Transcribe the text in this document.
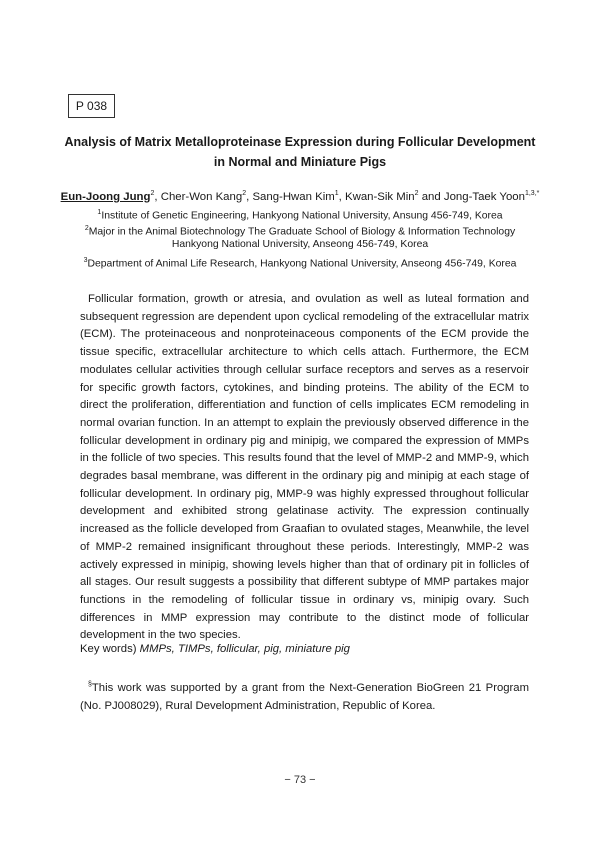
P 038
Analysis of Matrix Metalloproteinase Expression during Follicular Development
in Normal and Miniature Pigs
Eun-Joong Jung$^2$, Cher-Won Kang$^2$, Sang-Hwan Kim$^1$, Kwan-Sik Min$^2$ and Jong-Taek Yoon$^{1,3,*}$
$^1$Institute of Genetic Engineering, Hankyong National University, Ansung 456-749, Korea
$^2$Major in the Animal Biotechnology The Graduate School of Biology & Information Technology
Hankyong National University, Anseong 456-749, Korea
$^3$Department of Animal Life Research, Hankyong National University, Anseong 456-749, Korea

Follicular formation, growth or atresia, and ovulation as well as luteal formation and subsequent regression are dependent upon cyclical remodeling of the extracellular matrix (ECM). The proteinaceous and nonproteinaceous components of the ECM provide the tissue specific, extracellular architecture to which cells attach. Furthermore, the ECM modulates cellular activities through cellular surface receptors and serves as a reservoir for specific growth factors, cytokines, and binding proteins. The ability of the ECM to direct the proliferation, differentiation and function of cells implicates ECM remodeling in normal ovarian function. In an attempt to explain the previously observed difference in the follicular development in ordinary pig and minipig, we compared the expression of MMPs in the follicle of two species. This results found that the level of MMP-2 and MMP-9, which degrades basal membrane, was different in the ordinary pig and minipig at each stage of follicular development. In ordinary pig, MMP-9 was highly expressed throughout follicular development and exhibited strong gelatinase activity. The expression continually increased as the follicle developed from Graafian to ovulated stages, Meanwhile, the level of MMP-2 remained insignificant throughout these periods. Interestingly, MMP-2 was actively expressed in minipig, showing levels higher than that of ordinary pit in follicles of all stages. Our result suggests a possibility that different subtype of MMP partakes major functions in the remodeling of follicular tissue in ordinary vs, minipig ovary. Such differences in MMP expression may contribute to the distinct mode of follicular development in the two species.

Key words) MMPs, TIMPs, follicular, pig, miniature pig

§This work was supported by a grant from the Next-Generation BioGreen 21 Program (No. PJ008029), Rural Development Administration, Republic of Korea.

− 73 −
